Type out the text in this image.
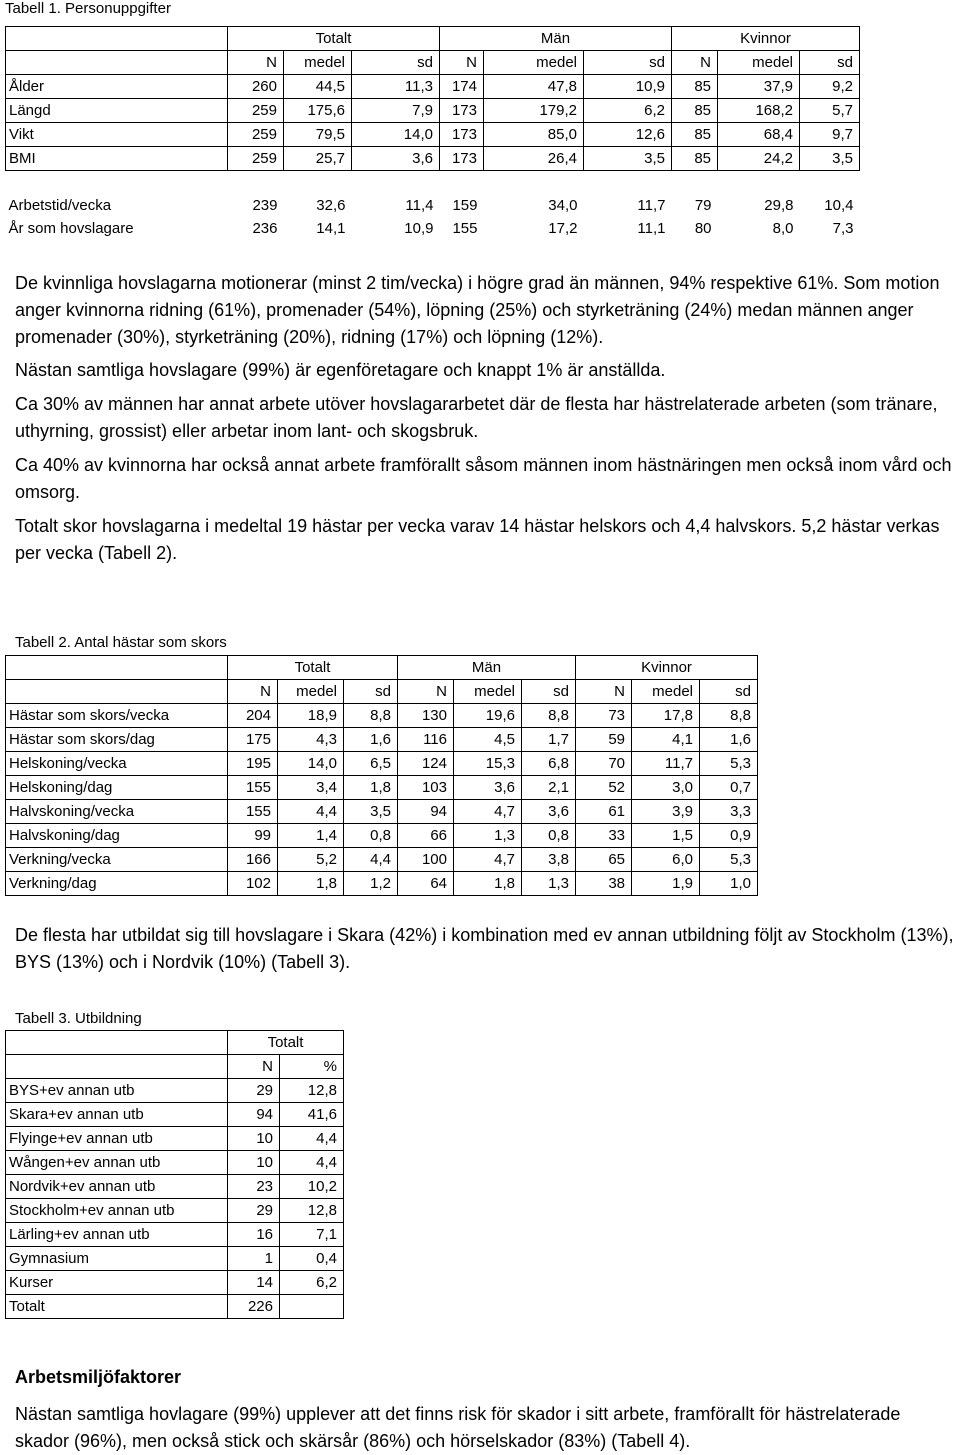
Tabell 1. Personuppgifter
	Totalt			Män			Kvinnor		
	N	medel	sd	N	medel	sd	N	medel	sd
Ålder	260	44,5	11,3	174	47,8	10,9	85	37,9	9,2
Längd	259	175,6	7,9	173	179,2	6,2	85	168,2	5,7
Vikt	259	79,5	14,0	173	85,0	12,6	85	68,4	9,7
BMI	259	25,7	3,6	173	26,4	3,5	85	24,2	3,5

Arbetstid/vecka	239	32,6	11,4	159	34,0	11,7	79	29,8	10,4
År som hovslagare	236	14,1	10,9	155	17,2	11,1	80	8,0	7,3

De kvinnliga hovslagarna motionerar (minst 2 tim/vecka) i högre grad än männen, 94% respektive 61%. Som motion anger kvinnorna ridning (61%), promenader (54%), löpning (25%) och styrketräning (24%) medan männen anger promenader (30%), styrketräning (20%), ridning (17%) och löpning (12%).

Nästan samtliga hovslagare (99%) är egenföretagare och knappt 1% är anställda.

Ca 30% av männen har annat arbete utöver hovslagararbetet där de flesta har hästrelaterade arbeten (som tränare, uthyrning, grossist) eller arbetar inom lant- och skogsbruk.

Ca 40% av kvinnorna har också annat arbete framförallt såsom männen inom hästnäringen men också inom vård och omsorg.

Totalt skor hovslagarna i medeltal 19 hästar per vecka varav 14 hästar helskors och 4,4 halvskors. 5,2 hästar verkas per vecka (Tabell 2).

Tabell 2. Antal hästar som skors
	Totalt			Män			Kvinnor		
	N	medel	sd	N	medel	sd	N	medel	sd
Hästar som skors/vecka	204	18,9	8,8	130	19,6	8,8	73	17,8	8,8
Hästar som skors/dag	175	4,3	1,6	116	4,5	1,7	59	4,1	1,6
Helskoning/vecka	195	14,0	6,5	124	15,3	6,8	70	11,7	5,3
Helskoning/dag	155	3,4	1,8	103	3,6	2,1	52	3,0	0,7
Halvskoning/vecka	155	4,4	3,5	94	4,7	3,6	61	3,9	3,3
Halvskoning/dag	99	1,4	0,8	66	1,3	0,8	33	1,5	0,9
Verkning/vecka	166	5,2	4,4	100	4,7	3,8	65	6,0	5,3
Verkning/dag	102	1,8	1,2	64	1,8	1,3	38	1,9	1,0

De flesta har utbildat sig till hovslagare i Skara (42%) i kombination med ev annan utbildning följt av Stockholm (13%), BYS (13%) och i Nordvik (10%) (Tabell 3).

Tabell 3. Utbildning
	Totalt	
	N	%
BYS+ev annan utb	29	12,8
Skara+ev annan utb	94	41,6
Flyinge+ev annan utb	10	4,4
Wången+ev annan utb	10	4,4
Nordvik+ev annan utb	23	10,2
Stockholm+ev annan utb	29	12,8
Lärling+ev annan utb	16	7,1
Gymnasium	1	0,4
Kurser	14	6,2
Totalt	226	
Arbetsmiljöfaktorer

Nästan samtliga hovlagare (99%) upplever att det finns risk för skador i sitt arbete, framförallt för hästrelaterade skador (96%), men också stick och skärsår (86%) och hörselskador (83%) (Tabell 4).
